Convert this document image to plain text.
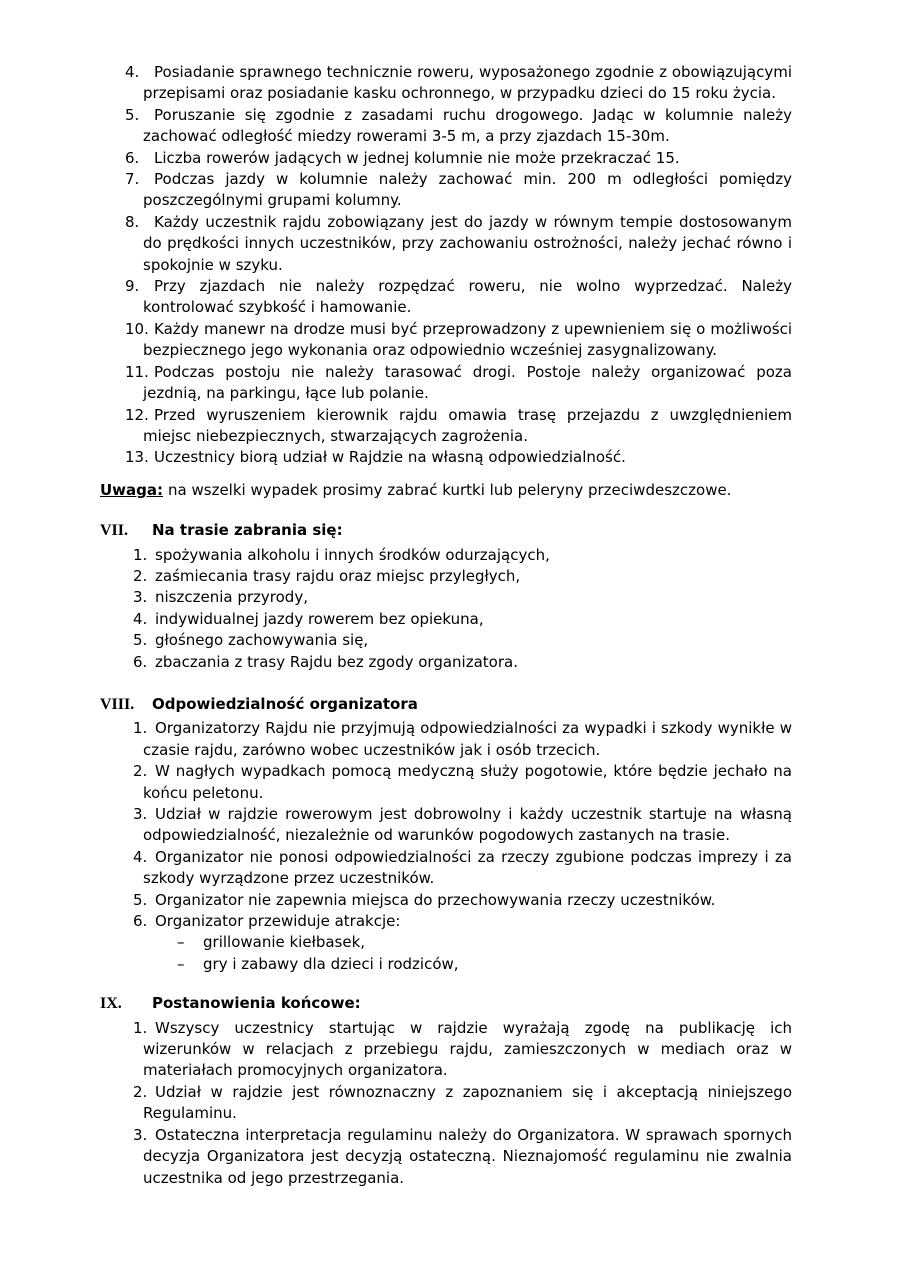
4. Posiadanie sprawnego technicznie roweru, wyposażonego zgodnie z obowiązującymi przepisami oraz posiadanie kasku ochronnego, w przypadku dzieci do 15 roku życia.
5. Poruszanie się zgodnie z zasadami ruchu drogowego. Jadąc w kolumnie należy zachować odległość miedzy rowerami 3-5 m, a przy zjazdach 15-30m.
6. Liczba rowerów jadących w jednej kolumnie nie może przekraczać 15.
7. Podczas jazdy w kolumnie należy zachować min. 200 m odległości pomiędzy poszczególnymi grupami kolumny.
8. Każdy uczestnik rajdu zobowiązany jest do jazdy w równym tempie dostosowanym do prędkości innych uczestników, przy zachowaniu ostrożności, należy jechać równo i spokojnie w szyku.
9. Przy zjazdach nie należy rozpędzać roweru, nie wolno wyprzedzać. Należy kontrolować szybkość i hamowanie.
10. Każdy manewr na drodze musi być przeprowadzony z upewnieniem się o możliwości bezpiecznego jego wykonania oraz odpowiednio wcześniej zasygnalizowany.
11. Podczas postoju nie należy tarasować drogi. Postoje należy organizować poza jezdnią, na parkingu, łące lub polanie.
12. Przed wyruszeniem kierownik rajdu omawia trasę przejazdu z uwzględnieniem miejsc niebezpiecznych, stwarzających zagrożenia.
13. Uczestnicy biorą udział w Rajdzie na własną odpowiedzialność.
Uwaga: na wszelki wypadek prosimy zabrać kurtki lub peleryny przeciwdeszczowe.
VII. Na trasie zabrania się:
1. spożywania alkoholu i innych środków odurzających,
2. zaśmiecania trasy rajdu oraz miejsc przyległych,
3. niszczenia przyrody,
4. indywidualnej jazdy rowerem bez opiekuna,
5. głośnego zachowywania się,
6. zbaczania z trasy Rajdu bez zgody organizatora.
VIII. Odpowiedzialność organizatora
1. Organizatorzy Rajdu nie przyjmują odpowiedzialności za wypadki i szkody wynikłe w czasie rajdu, zarówno wobec uczestników jak i osób trzecich.
2. W nagłych wypadkach pomocą medyczną służy pogotowie, które będzie jechało na końcu peletonu.
3. Udział w rajdzie rowerowym jest dobrowolny i każdy uczestnik startuje na własną odpowiedzialność, niezależnie od warunków pogodowych zastanych na trasie.
4. Organizator nie ponosi odpowiedzialności za rzeczy zgubione podczas imprezy i za szkody wyrządzone przez uczestników.
5. Organizator nie zapewnia miejsca do przechowywania rzeczy uczestników.
6. Organizator przewiduje atrakcje:
– grillowanie kiełbasek,
– gry i zabawy dla dzieci i rodziców,
IX. Postanowienia końcowe:
1. Wszyscy uczestnicy startując w rajdzie wyrażają zgodę na publikację ich wizerunków w relacjach z przebiegu rajdu, zamieszczonych w mediach oraz w materiałach promocyjnych organizatora.
2. Udział w rajdzie jest równoznaczny z zapoznaniem się i akceptacją niniejszego Regulaminu.
3. Ostateczna interpretacja regulaminu należy do Organizatora. W sprawach spornych decyzja Organizatora jest decyzją ostateczną. Nieznajomość regulaminu nie zwalnia uczestnika od jego przestrzegania.
